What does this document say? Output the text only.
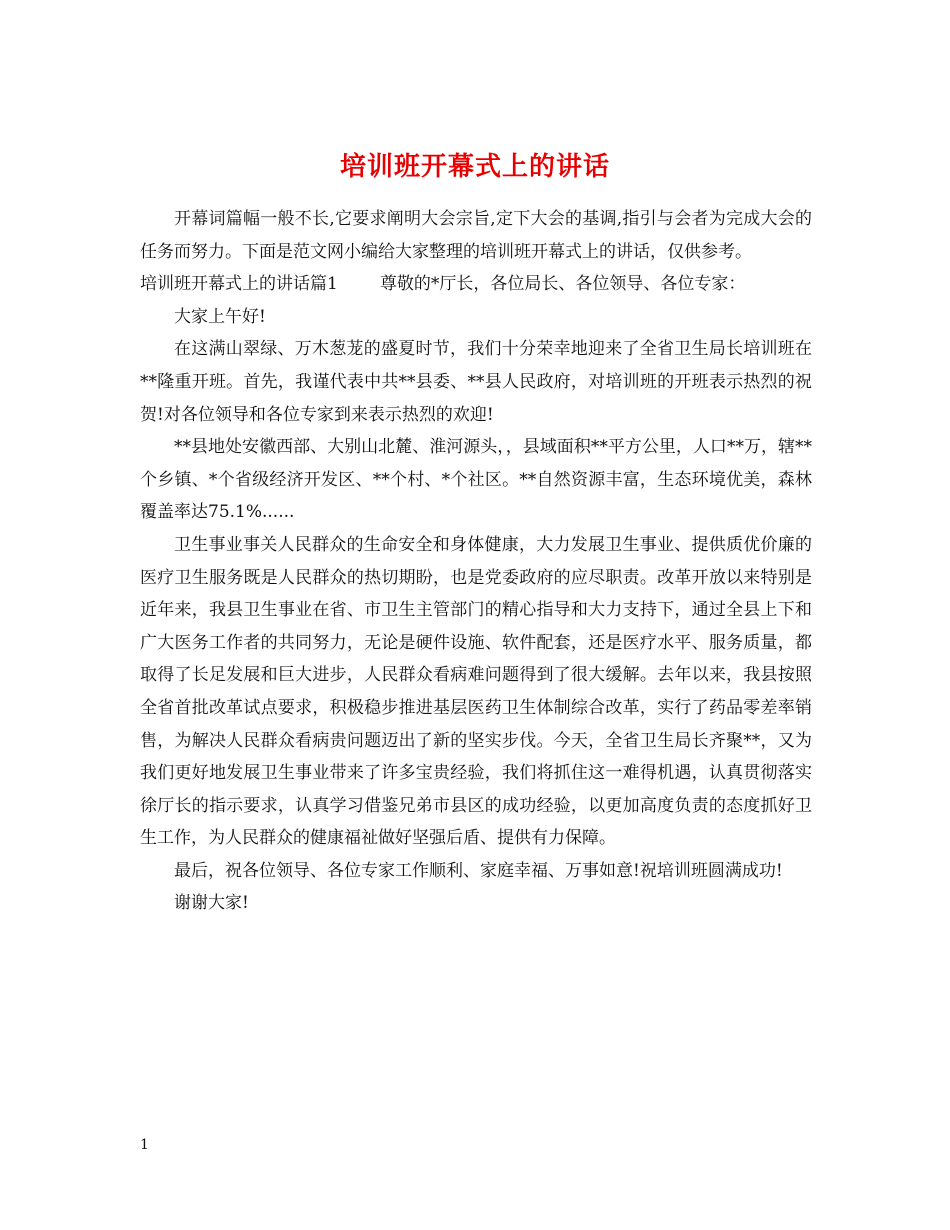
培训班开幕式上的讲话

开幕词篇幅一般不长,它要求阐明大会宗旨,定下大会的基调,指引与会者为完成大会的任务而努力。下面是范文网小编给大家整理的培训班开幕式上的讲话，仅供参考。

培训班开幕式上的讲话篇1 尊敬的*厅长，各位局长、各位领导、各位专家：

大家上午好!

在这满山翠绿、万木葱茏的盛夏时节，我们十分荣幸地迎来了全省卫生局长培训班在**隆重开班。首先，我谨代表中共**县委、**县人民政府，对培训班的开班表示热烈的祝贺!对各位领导和各位专家到来表示热烈的欢迎!

**县地处安徽西部、大别山北麓、淮河源头，，县域面积**平方公里，人口**万，辖**个乡镇、*个省级经济开发区、**个村、*个社区。**自然资源丰富，生态环境优美，森林覆盖率达75.1%......

卫生事业事关人民群众的生命安全和身体健康，大力发展卫生事业、提供质优价廉的医疗卫生服务既是人民群众的热切期盼，也是党委政府的应尽职责。改革开放以来特别是近年来，我县卫生事业在省、市卫生主管部门的精心指导和大力支持下，通过全县上下和广大医务工作者的共同努力，无论是硬件设施、软件配套，还是医疗水平、服务质量，都取得了长足发展和巨大进步，人民群众看病难问题得到了很大缓解。去年以来，我县按照全省首批改革试点要求，积极稳步推进基层医药卫生体制综合改革，实行了药品零差率销售，为解决人民群众看病贵问题迈出了新的坚实步伐。今天，全省卫生局长齐聚**，又为我们更好地发展卫生事业带来了许多宝贵经验，我们将抓住这一难得机遇，认真贯彻落实徐厅长的指示要求，认真学习借鉴兄弟市县区的成功经验，以更加高度负责的态度抓好卫生工作，为人民群众的健康福祉做好坚强后盾、提供有力保障。

最后，祝各位领导、各位专家工作顺利、家庭幸福、万事如意!祝培训班圆满成功!

谢谢大家!

1
